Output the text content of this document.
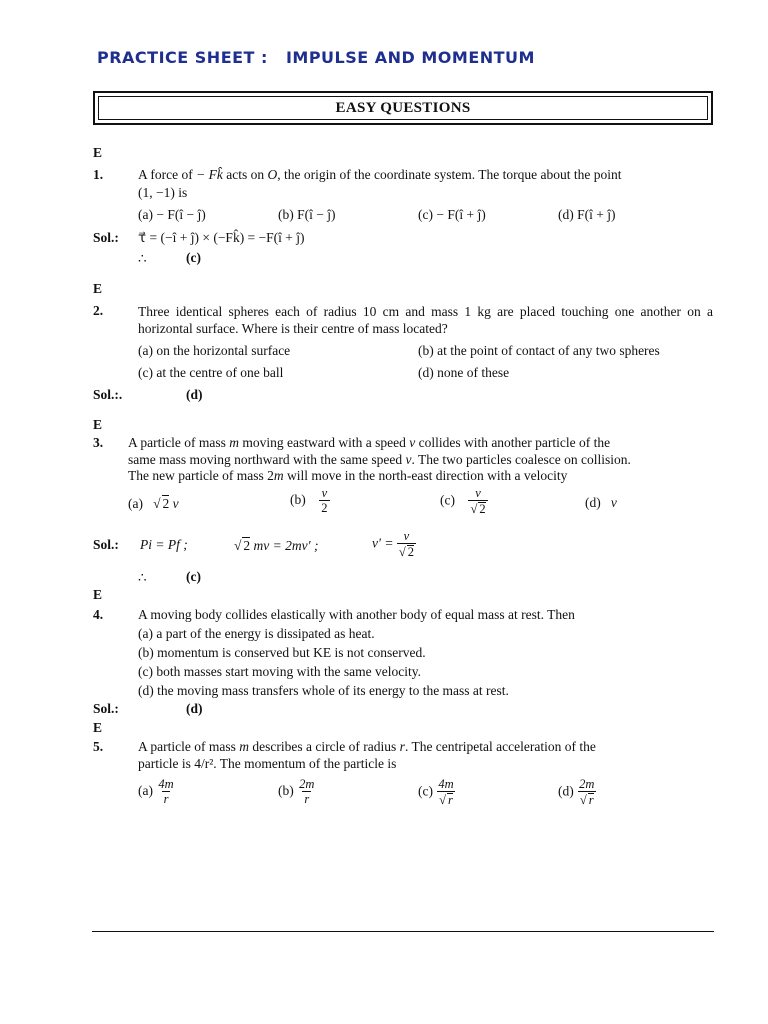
PRACTICE SHEET : IMPULSE AND MOMENTUM
EASY QUESTIONS
E
1.	A force of − Fk̂ acts on O, the origin of the coordinate system. The torque about the point
(1, −1) is
(a) − F(î − ĵ)	(b) F(î − ĵ)	(c) − F(î + ĵ)	(d) F(î + ĵ)
Sol.: τ⃗ = (−î + ĵ) × (−Fk̂) = −F(î + ĵ)
∴	(c)
E
2.	Three identical spheres each of radius 10 cm and mass 1 kg are placed touching one another on a horizontal surface. Where is their centre of mass located?
(a) on the horizontal surface	(b) at the point of contact of any two spheres
(c) at the centre of one ball	(d) none of these
Sol.:.	(d)
E
3. A particle of mass m moving eastward with a speed v collides with another particle of the
same mass moving northward with the same speed v. The two particles coalesce on collision.
The new particle of mass 2m will move in the north-east direction with a velocity
(a)   √ 2 v	$(b) \frac{v}{2}$	$(c) \frac{v}{√ 2}$	(d) v
Sol.: Pi = Pf ;	√ 2 mv = 2mv′ ;	$v' = \frac{v}{√ 2}$
∴	(c)
E
4.	A moving body collides elastically with another body of equal mass at rest. Then
(a) a part of the energy is dissipated as heat.
(b) momentum is conserved but KE is not conserved.
(c) both masses start moving with the same velocity.
(d) the moving mass transfers whole of its energy to the mass at rest.
Sol.:	(d)
E
5.	A particle of mass m describes a circle of radius r. The centripetal acceleration of the
particle is 4/r². The momentum of the particle is
$(a) \frac{4m}{r}$	$(b) \frac{2m}{r}$	$(c) \frac{4m}{√ r}$	$(d) \frac{2m}{√ r}$
